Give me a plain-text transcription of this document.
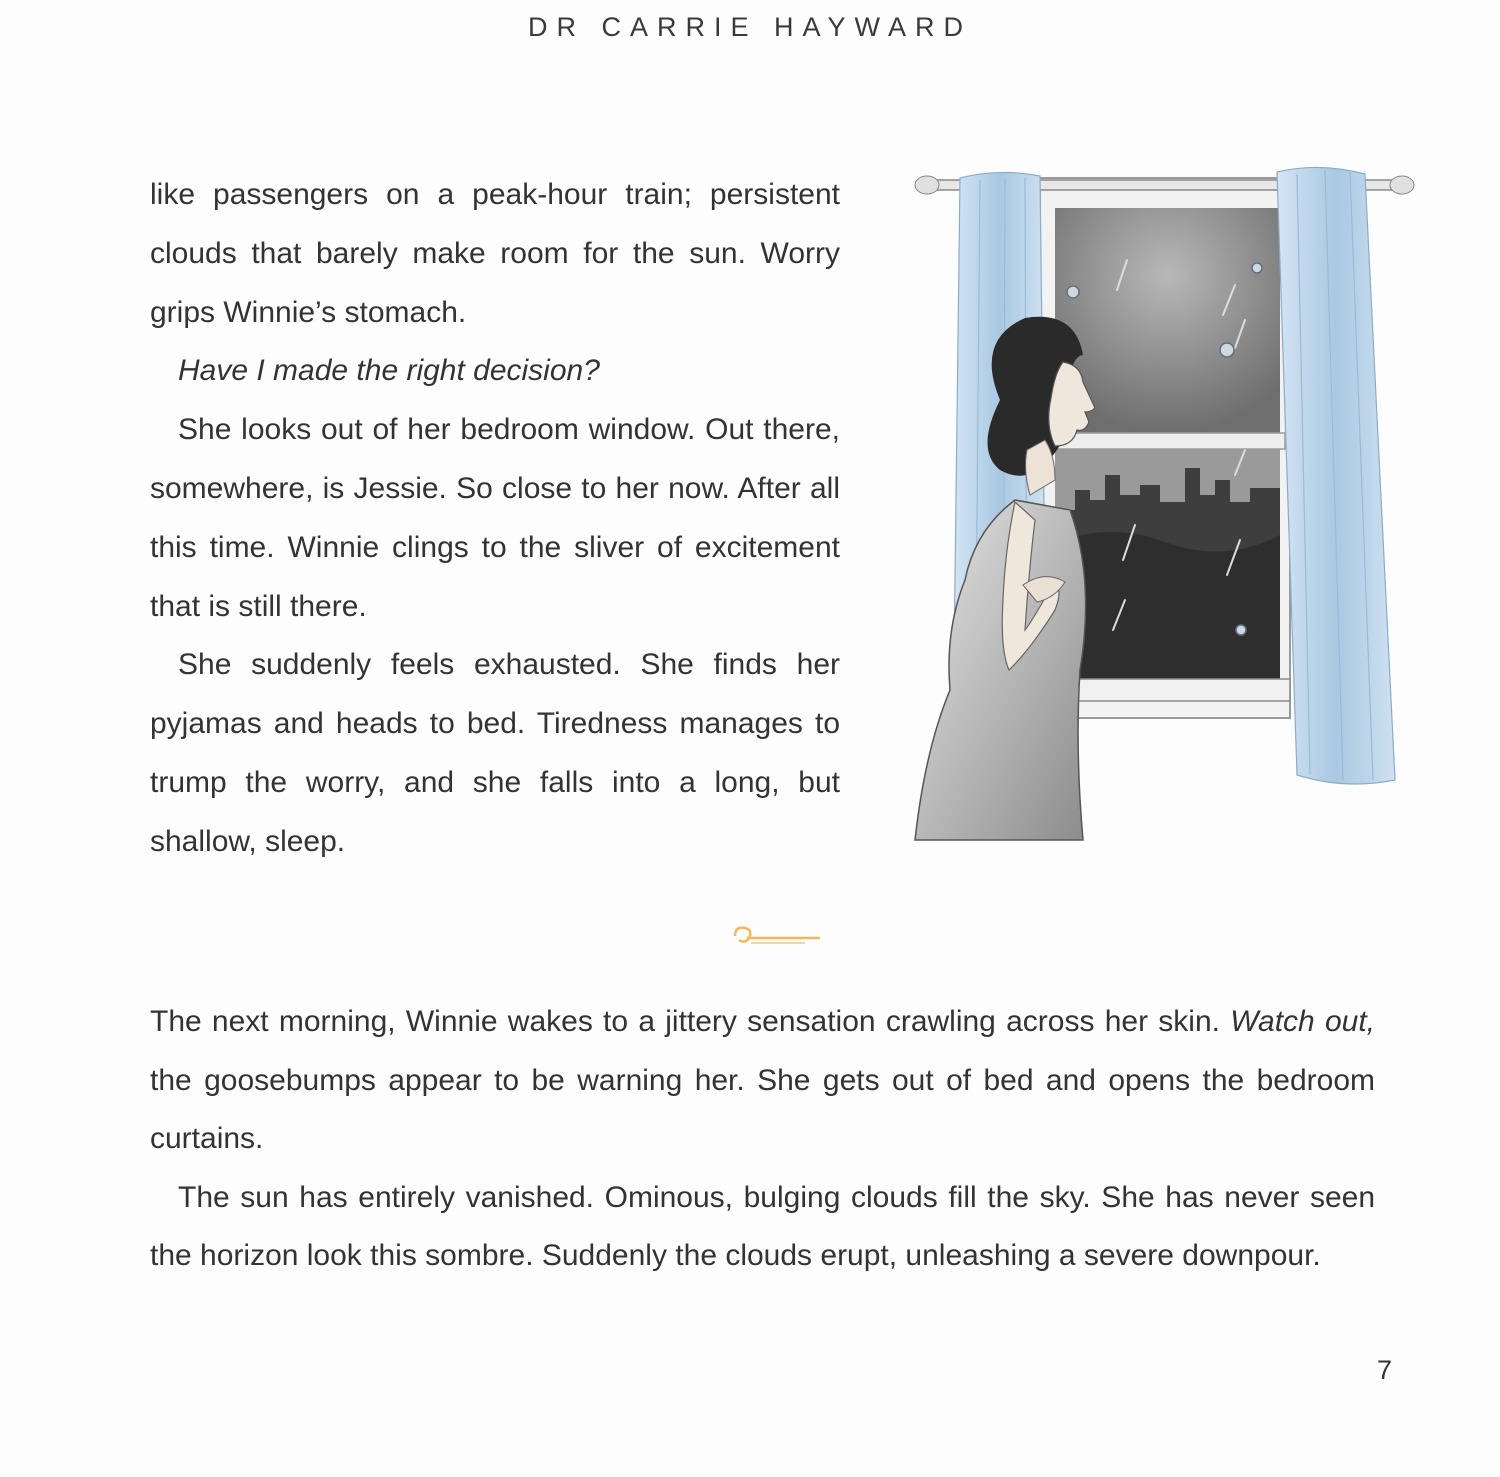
DR CARRIE HAYWARD

like passengers on a peak-hour train; persistent clouds that barely make room for the sun. Worry grips Winnie’s stomach.

Have I made the right decision?

She looks out of her bedroom window. Out there, somewhere, is Jessie. So close to her now. After all this time. Winnie clings to the sliver of excitement that is still there.

She suddenly feels exhausted. She finds her pyjamas and heads to bed. Tiredness manages to trump the worry, and she falls into a long, but shallow, sleep.

The next morning, Winnie wakes to a jittery sensation crawling across her skin. Watch out, the goosebumps appear to be warning her. She gets out of bed and opens the bedroom curtains.

The sun has entirely vanished. Ominous, bulging clouds fill the sky. She has never seen the horizon look this sombre. Suddenly the clouds erupt, unleashing a severe downpour.

7
